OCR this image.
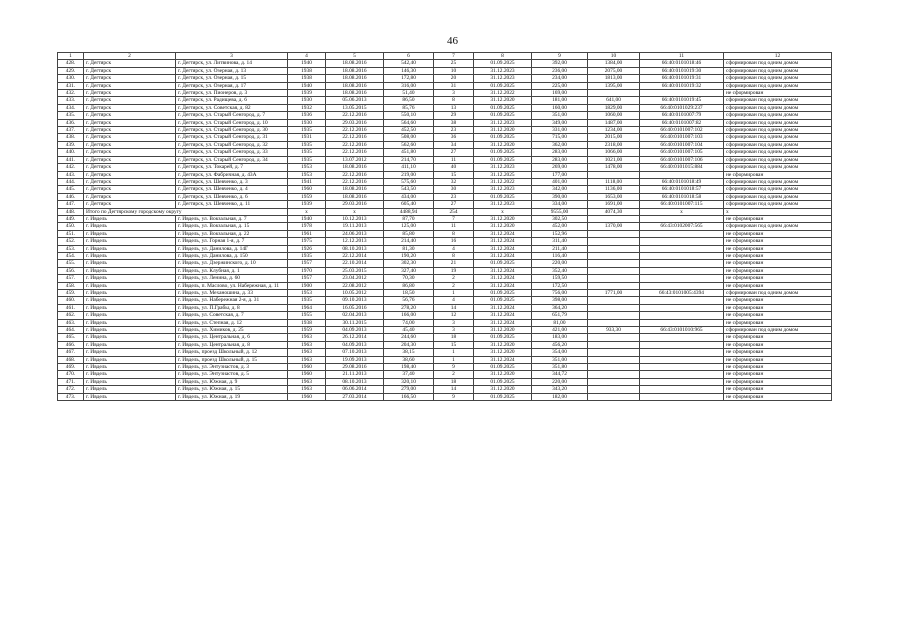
46
1	2	3	4	5	6	7	8	9	10	11	12
428.	г. Дегтярск	г. Дегтярск, ул. Литвинова, д. 14	1940	18.08.2016	542,40	25	01.09.2025	392,00	1384,00	66:40:0101018:46	сформирован под одним домом
429.	г. Дегтярск	г. Дегтярск, ул. Озерная, д. 13	1938	18.08.2016	146,30	10	31.12.2023	236,00	2075,00	66:40:0101019:30	сформирован под одним домом
430.	г. Дегтярск	г. Дегтярск, ул. Озерная, д. 15	1938	18.08.2016	172,80	20	31.12.2023	234,00	1813,00	66:40:0101019:31	сформирован под одним домом
431.	г. Дегтярск	г. Дегтярск, ул. Озерная, д. 17	1940	18.08.2016	316,00	31	01.09.2025	225,00	1395,00	66:40:0101019:32	сформирован под одним домом
432.	г. Дегтярск	г. Дегтярск, ул. Пионеров, д. 3	1939	18.08.2016	51,40	3	31.12.2022	169,00			не сформирован
433.	г. Дегтярск	г. Дегтярск, ул. Радищева, д. 6	1930	05.06.2013	86,50	8	31.12.2020	181,00	641,00	66:40:0101019:45	сформирован под одним домом
434.	г. Дегтярск	г. Дегтярск, ул. Советская, д. 82	1932	13.05.2015	85,76	13	01.09.2025	160,00	1829,00	66:40:0101029:237	сформирован под одним домом
435.	г. Дегтярск	г. Дегтярск, ул. Старый Сенгород, д. 7	1936	22.12.2016	550,10	29	01.09.2025	351,00	1060,00	66:40:0101007:79	сформирован под одним домом
436.	г. Дегтярск	г. Дегтярск, ул. Старый Сенгород, д. 10	1930	29.03.2016	564,60	38	31.12.2023	349,00	1487,00	66:40:0101007:82	сформирован под одним домом
437.	г. Дегтярск	г. Дегтярск, ул. Старый Сенгород, д. 30	1935	22.12.2016	452,50	23	31.12.2020	331,00	1234,00	66:40:0101007:102	сформирован под одним домом
438.	г. Дегтярск	г. Дегтярск, ул. Старый Сенгород, д. 31	1931	22.12.2016	508,00	36	01.09.2025	715,00	2015,00	66:40:0101007:103	сформирован под одним домом
439.	г. Дегтярск	г. Дегтярск, ул. Старый Сенгород, д. 32	1935	22.12.2016	562,60	34	31.12.2020	362,00	2318,00	66:40:0101007:104	сформирован под одним домом
440.	г. Дегтярск	г. Дегтярск, ул. Старый Сенгород, д. 33	1935	22.12.2016	451,80	27	01.09.2025	283,00	1066,00	66:40:0101007:105	сформирован под одним домом
441.	г. Дегтярск	г. Дегтярск, ул. Старый Сенгород, д. 34	1935	13.07.2012	214,70	11	01.09.2025	283,00	1021,00	66:40:0101007:106	сформирован под одним домом
442.	г. Дегтярск	г. Дегтярск, ул. Токарей, д. 7	1953	18.08.2016	411,10	40	31.12.2023	269,00	1478,00	66:40:0101015:884	сформирован под одним домом
443.	г. Дегтярск	г. Дегтярск, ул. Фабричная, д. 43А	1953	22.12.2016	219,00	15	31.12.2025	177,00			не сформирован
444.	г. Дегтярск	г. Дегтярск, ул. Шевченко, д. 3	1941	22.12.2016	575,60	32	31.12.2022	401,00	1118,00	66:40:0101018:49	сформирован под одним домом
445.	г. Дегтярск	г. Дегтярск, ул. Шевченко, д. 4	1960	18.08.2016	543,50	30	31.12.2023	342,00	1136,00	66:40:0101018:57	сформирован под одним домом
446.	г. Дегтярск	г. Дегтярск, ул. Шевченко, д. 6	1959	18.08.2016	434,00	23	01.09.2025	390,00	1653,00	66:40:0101018:58	сформирован под одним домом
447.	г. Дегтярск	г. Дегтярск, ул. Шевченко, д. 11	1939	29.03.2016	605,40	27	31.12.2023	334,00	1691,00	66:40:0101007:115	сформирован под одним домом
448.	Итого по Дегтярскому городскому округу		х	х	4488,94	254	х	9555,00	4074,30	х	х
449.	г. Ивдель	г. Ивдель, ул. Вокзальная, д. 7	1940	10.12.2013	87,70	7	31.12.2020	302,50			не сформирован
450.	г. Ивдель	г. Ивдель, ул. Вокзальная, д. 15	1978	19.11.2013	125,00	11	31.12.2020	452,00	1370,00	66:43:0102007:565	сформирован под одним домом
451.	г. Ивдель	г. Ивдель, ул. Вокзальная, д. 22	1961	24.06.2013	85,80	8	31.12.2024	152,96			не сформирован
452.	г. Ивдель	г. Ивдель, ул. Горная 1-я, д. 7	1975	12.12.2013	214,40	16	31.12.2024	311,40			не сформирован
453.	г. Ивдель	г. Ивдель, ул. Данилова, д. 14Г	1926	08.10.2013	81,30	4	31.12.2024	211,40			не сформирован
454.	г. Ивдель	г. Ивдель, ул. Данилова, д. 150	1935	22.12.2014	190,20	8	31.12.2024	116,40			не сформирован
455.	г. Ивдель	г. Ивдель, ул. Дзержинского, д. 10	1957	22.10.2014	302,30	21	01.09.2025	220,00			не сформирован
456.	г. Ивдель	г. Ивдель, ул. Клубная, д. 1	1970	25.03.2015	327,40	19	31.12.2024	352,40			не сформирован
457.	г. Ивдель	г. Ивдель, ул. Ленина, д. 60	1957	23.04.2012	70,30	2	31.12.2024	159,50			не сформирован
458.	г. Ивдель	г. Ивдель, п. Маслово, ул. Набережная, д. 11	1900	22.08.2012	86,80	2	31.12.2024	172,50			не сформирован
459.	г. Ивдель	г. Ивдель, ул. Механошина, д. 33	1953	10.05.2012	18,50	1	01.09.2025	756,00	1771,00	66:43:0101005:4394	сформирован под одним домом
460.	г. Ивдель	г. Ивдель, ул. Набережная 2-я, д. 31	1935	09.10.2013	56,76	4	01.09.2025	398,00			не сформирован
461.	г. Ивдель	г. Ивдель, ул. П.Грабы, д. 8	1964	16.05.2016	278,20	14	31.12.2024	364,20			не сформирован
462.	г. Ивдель	г. Ивдель, ул. Советская, д. 7	1955	02.04.2013	166,00	12	31.12.2024	651,79			не сформирован
463.	г. Ивдель	г. Ивдель, ул. Степная, д. 12	1938	30.11.2015	74,00	3	31.12.2024	81,00			не сформирован
464.	г. Ивдель	г. Ивдель, ул. Химиков, д. 25	1959	04.09.2013	45,40	3	31.12.2020	421,00	933,30	66:43:0101010:965	сформирован под одним домом
465.	г. Ивдель	г. Ивдель, ул. Центральная, д. 6	1963	26.12.2014	244,60	18	01.09.2025	183,00			не сформирован
466.	г. Ивдель	г. Ивдель, ул. Центральная, д. 8	1963	04.09.2013	204,30	15	31.12.2020	456,20			не сформирован
467.	г. Ивдель	г. Ивдель, проезд Школьный, д. 12	1963	07.10.2013	38,15	1	31.12.2020	354,00			не сформирован
468.	г. Ивдель	г. Ивдель, проезд Школьный, д. 15	1963	19.09.2013	38,60	1	31.12.2024	351,00			не сформирован
469.	г. Ивдель	г. Ивдель, ул. Энтузиастов, д. 3	1960	29.08.2016	198,40	9	01.09.2025	351,80			не сформирован
470.	г. Ивдель	г. Ивдель, ул. Энтузиастов, д. 5	1960	21.11.2013	37,40	2	31.12.2020	344,72			не сформирован
471.	г. Ивдель	г. Ивдель, ул. Южная, д. 9	1963	08.10.2013	320,10	18	01.09.2025	220,00			не сформирован
472.	г. Ивдель	г. Ивдель, ул. Южная, д. 15	1963	06.06.2014	279,00	14	31.12.2020	343,20			не сформирован
473.	г. Ивдель	г. Ивдель, ул. Южная, д. 19	1960	27.03.2014	166,50	9	01.09.2025	182,00			не сформирован
